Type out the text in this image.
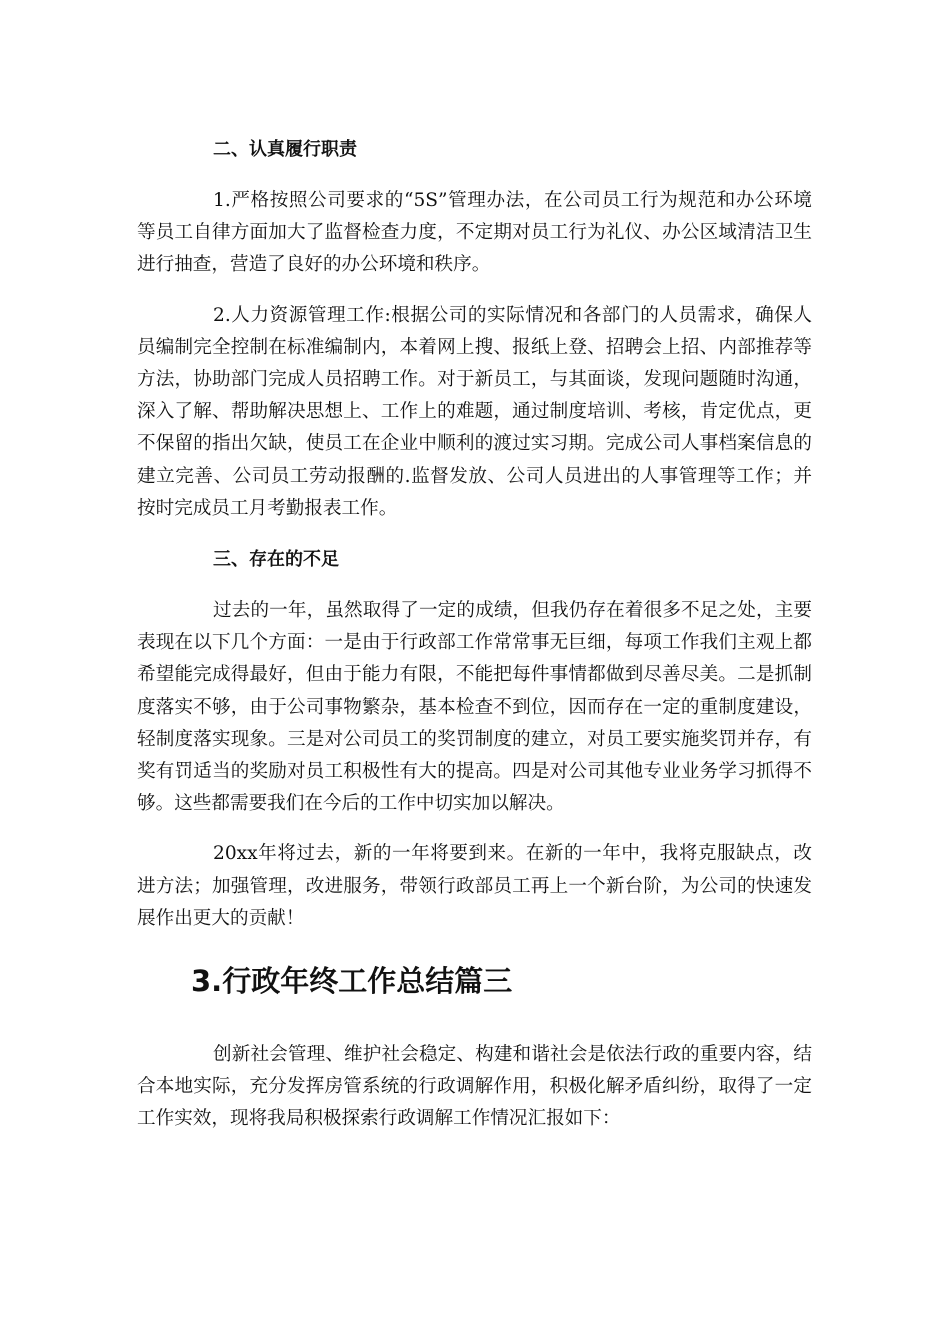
二、认真履行职责

1.严格按照公司要求的“5S”管理办法，在公司员工行为规范和办公环境等员工自律方面加大了监督检查力度，不定期对员工行为礼仪、办公区域清洁卫生进行抽查，营造了良好的办公环境和秩序。

2.人力资源管理工作:根据公司的实际情况和各部门的人员需求，确保人员编制完全控制在标准编制内，本着网上搜、报纸上登、招聘会上招、内部推荐等方法，协助部门完成人员招聘工作。对于新员工，与其面谈，发现问题随时沟通，深入了解、帮助解决思想上、工作上的难题，通过制度培训、考核，肯定优点，更不保留的指出欠缺，使员工在企业中顺利的渡过实习期。完成公司人事档案信息的建立完善、公司员工劳动报酬的.监督发放、公司人员进出的人事管理等工作；并按时完成员工月考勤报表工作。

三、存在的不足

过去的一年，虽然取得了一定的成绩，但我仍存在着很多不足之处，主要表现在以下几个方面：一是由于行政部工作常常事无巨细，每项工作我们主观上都希望能完成得最好，但由于能力有限，不能把每件事情都做到尽善尽美。二是抓制度落实不够，由于公司事物繁杂，基本检查不到位，因而存在一定的重制度建设，轻制度落实现象。三是对公司员工的奖罚制度的建立，对员工要实施奖罚并存，有奖有罚适当的奖励对员工积极性有大的提高。四是对公司其他专业业务学习抓得不够。这些都需要我们在今后的工作中切实加以解决。

20xx年将过去，新的一年将要到来。在新的一年中，我将克服缺点，改进方法；加强管理，改进服务，带领行政部员工再上一个新台阶，为公司的快速发展作出更大的贡献！

3.行政年终工作总结篇三

创新社会管理、维护社会稳定、构建和谐社会是依法行政的重要内容，结合本地实际，充分发挥房管系统的行政调解作用，积极化解矛盾纠纷，取得了一定工作实效，现将我局积极探索行政调解工作情况汇报如下：
